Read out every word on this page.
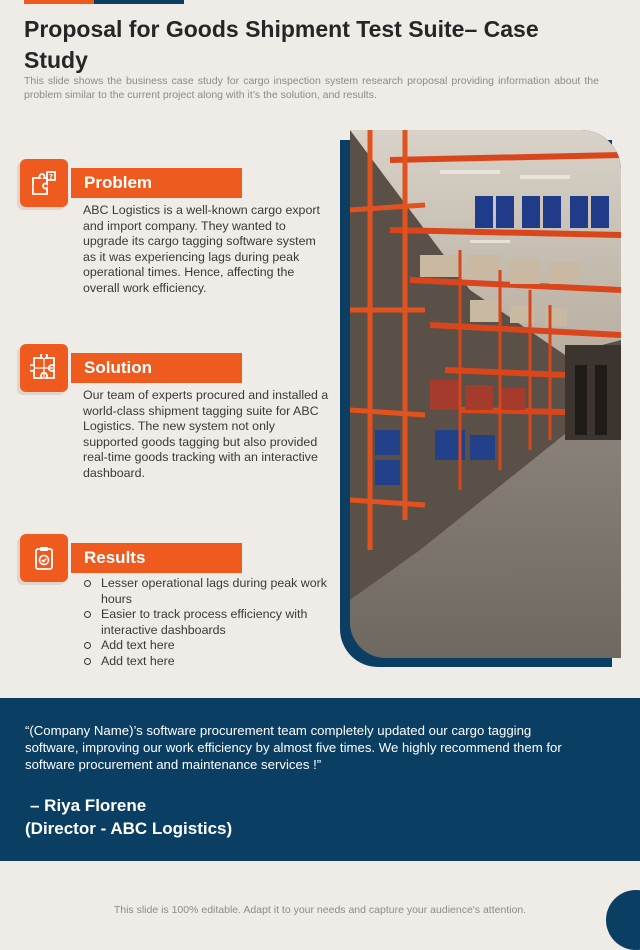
Proposal for Goods Shipment Test Suite– Case Study
This slide shows the business case study for cargo inspection system research proposal providing information about the problem similar to the current project along with it’s the solution, and results.
?	Problem
ABC Logistics is a well-known cargo export and import company. They wanted to upgrade its cargo tagging software system as it was experiencing lags during peak operational times. Hence, affecting the overall work efficiency.
Solution
Our team of experts procured and installed a world-class shipment tagging suite for ABC Logistics. The new system not only supported goods tagging but also provided real-time goods tracking with an interactive dashboard.
Results
Lesser operational lags during peak work hours
Easier to track process efficiency with interactive dashboards
Add text here
Add text here
“(Company Name)’s software procurement team completely updated our cargo tagging software, improving our work efficiency by almost five times. We highly recommend them for software procurement and maintenance services !”
– Riya Florene
(Director - ABC Logistics)
This slide is 100% editable. Adapt it to your needs and capture your audience's attention.
